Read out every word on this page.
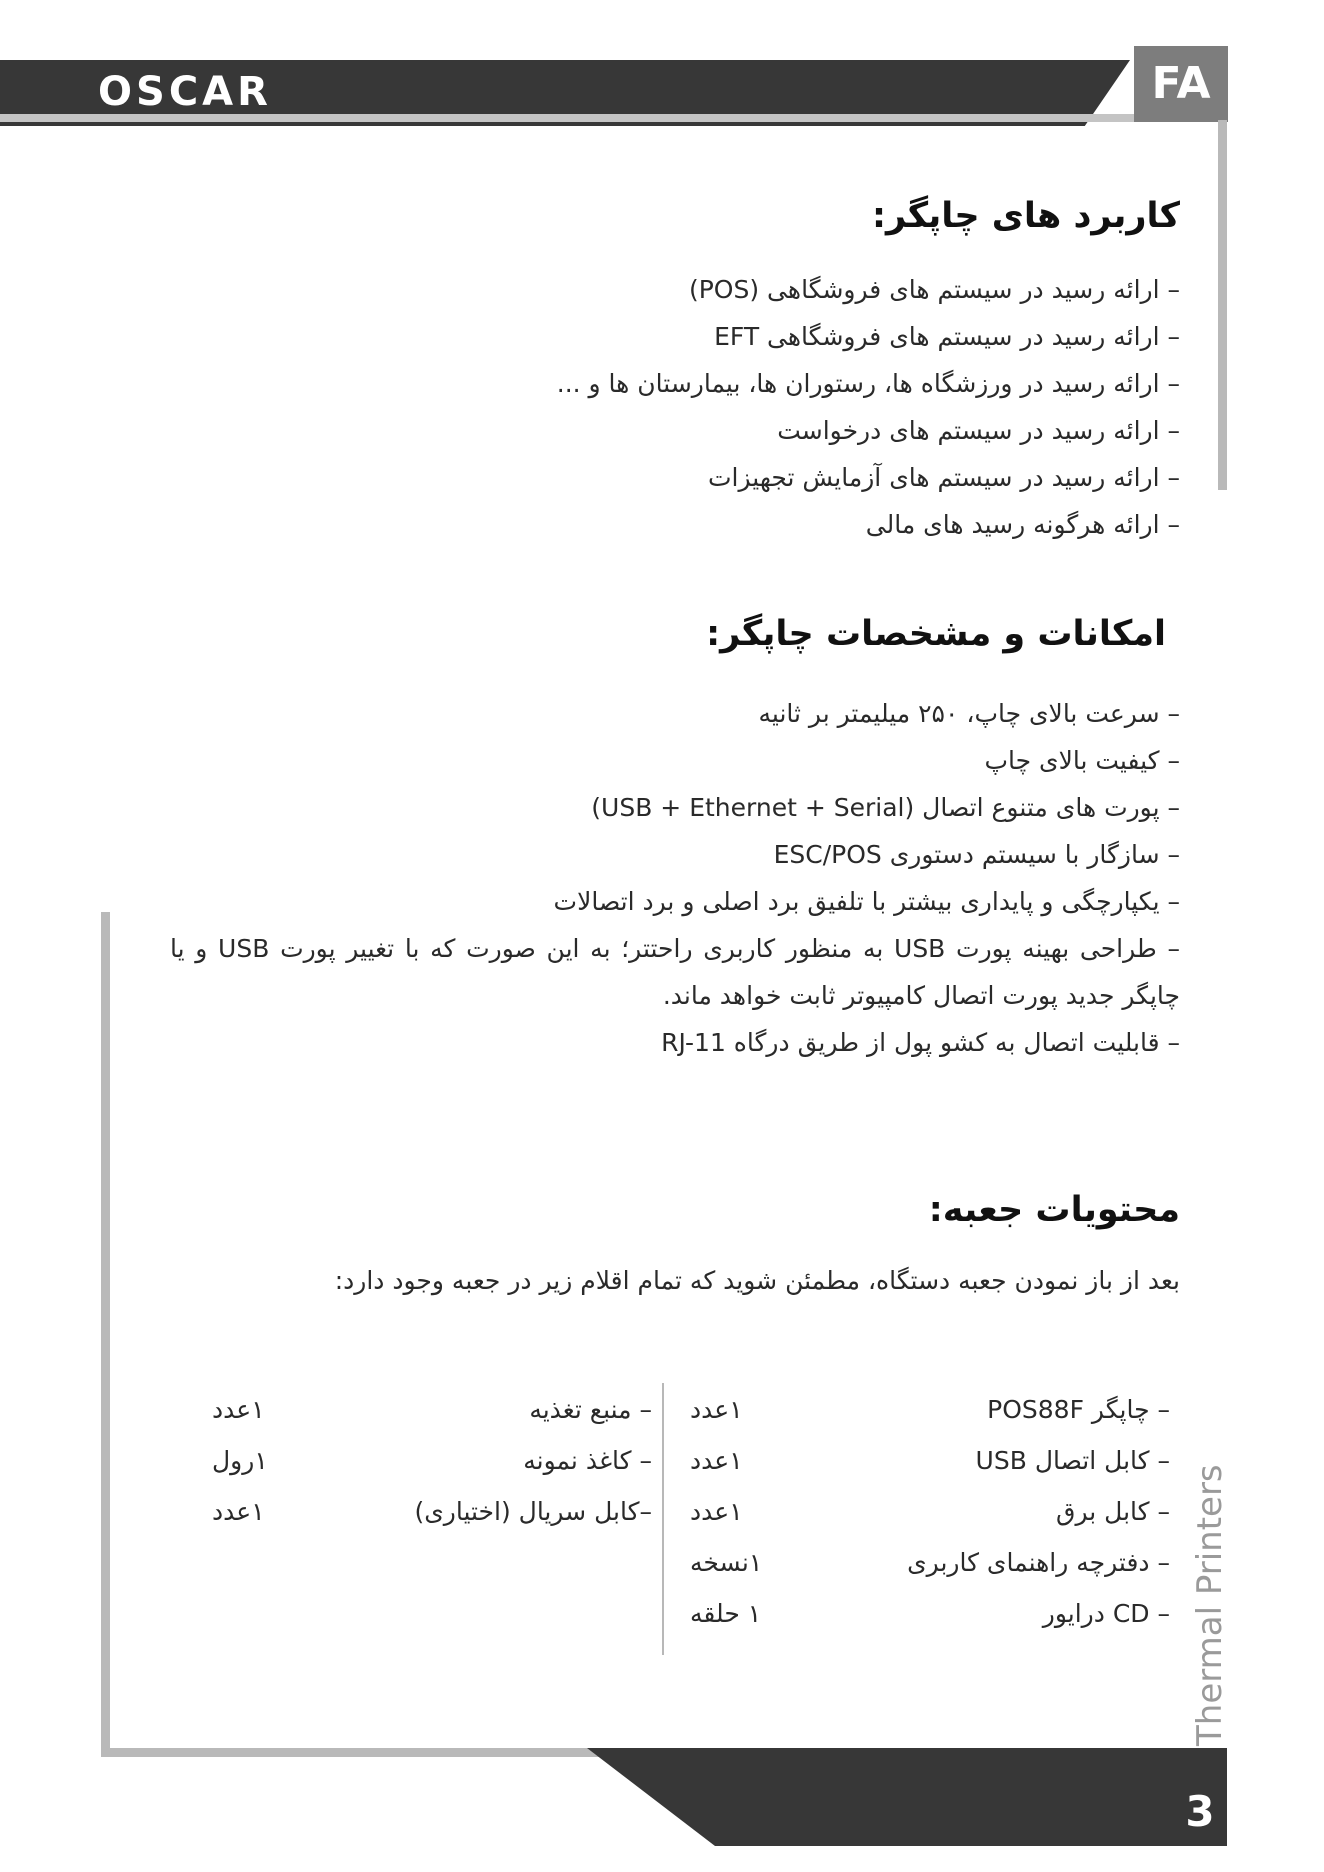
OSCAR	FA
کاربرد های چاپگر:
– ارائه رسید در سیستم های فروشگاهی (POS)
– ارائه رسید در سیستم های فروشگاهی EFT
– ارائه رسید در ورزشگاه ها، رستوران ها، بیمارستان ها و ...
– ارائه رسید در سیستم های درخواست
– ارائه رسید در سیستم های آزمایش تجهیزات
– ارائه هرگونه رسید های مالی
امکانات و مشخصات چاپگر:
– سرعت بالای چاپ، ۲۵۰ میلیمتر بر ثانیه
– کیفیت بالای چاپ
– پورت های متنوع اتصال (USB + Ethernet + Serial)
– سازگار با سیستم دستوری ESC/POS
– یکپارچگی و پایداری بیشتر با تلفیق برد اصلی و برد اتصالات
– طراحی بهینه پورت USB به منظور کاربری راحتتر؛ به این صورت که با تغییر پورت USB و یا چاپگر جدید پورت اتصال کامپیوتر ثابت خواهد ماند.
– قابلیت اتصال به کشو پول از طریق درگاه RJ-11
محتویات جعبه:

بعد از باز نمودن جعبه دستگاه، مطمئن شوید که تمام اقلام زیر در جعبه وجود دارد:

– چاپگر POS88F
۱عدد
– کابل اتصال USB
۱عدد
– کابل برق
۱عدد
– دفترچه راهنمای کاربری
۱نسخه
– CD درایور
۱ حلقه
– منبع تغذیه
۱عدد
– کاغذ نمونه
۱رول
–کابل سریال (اختیاری)
۱عدد	Thermal Printers
3
